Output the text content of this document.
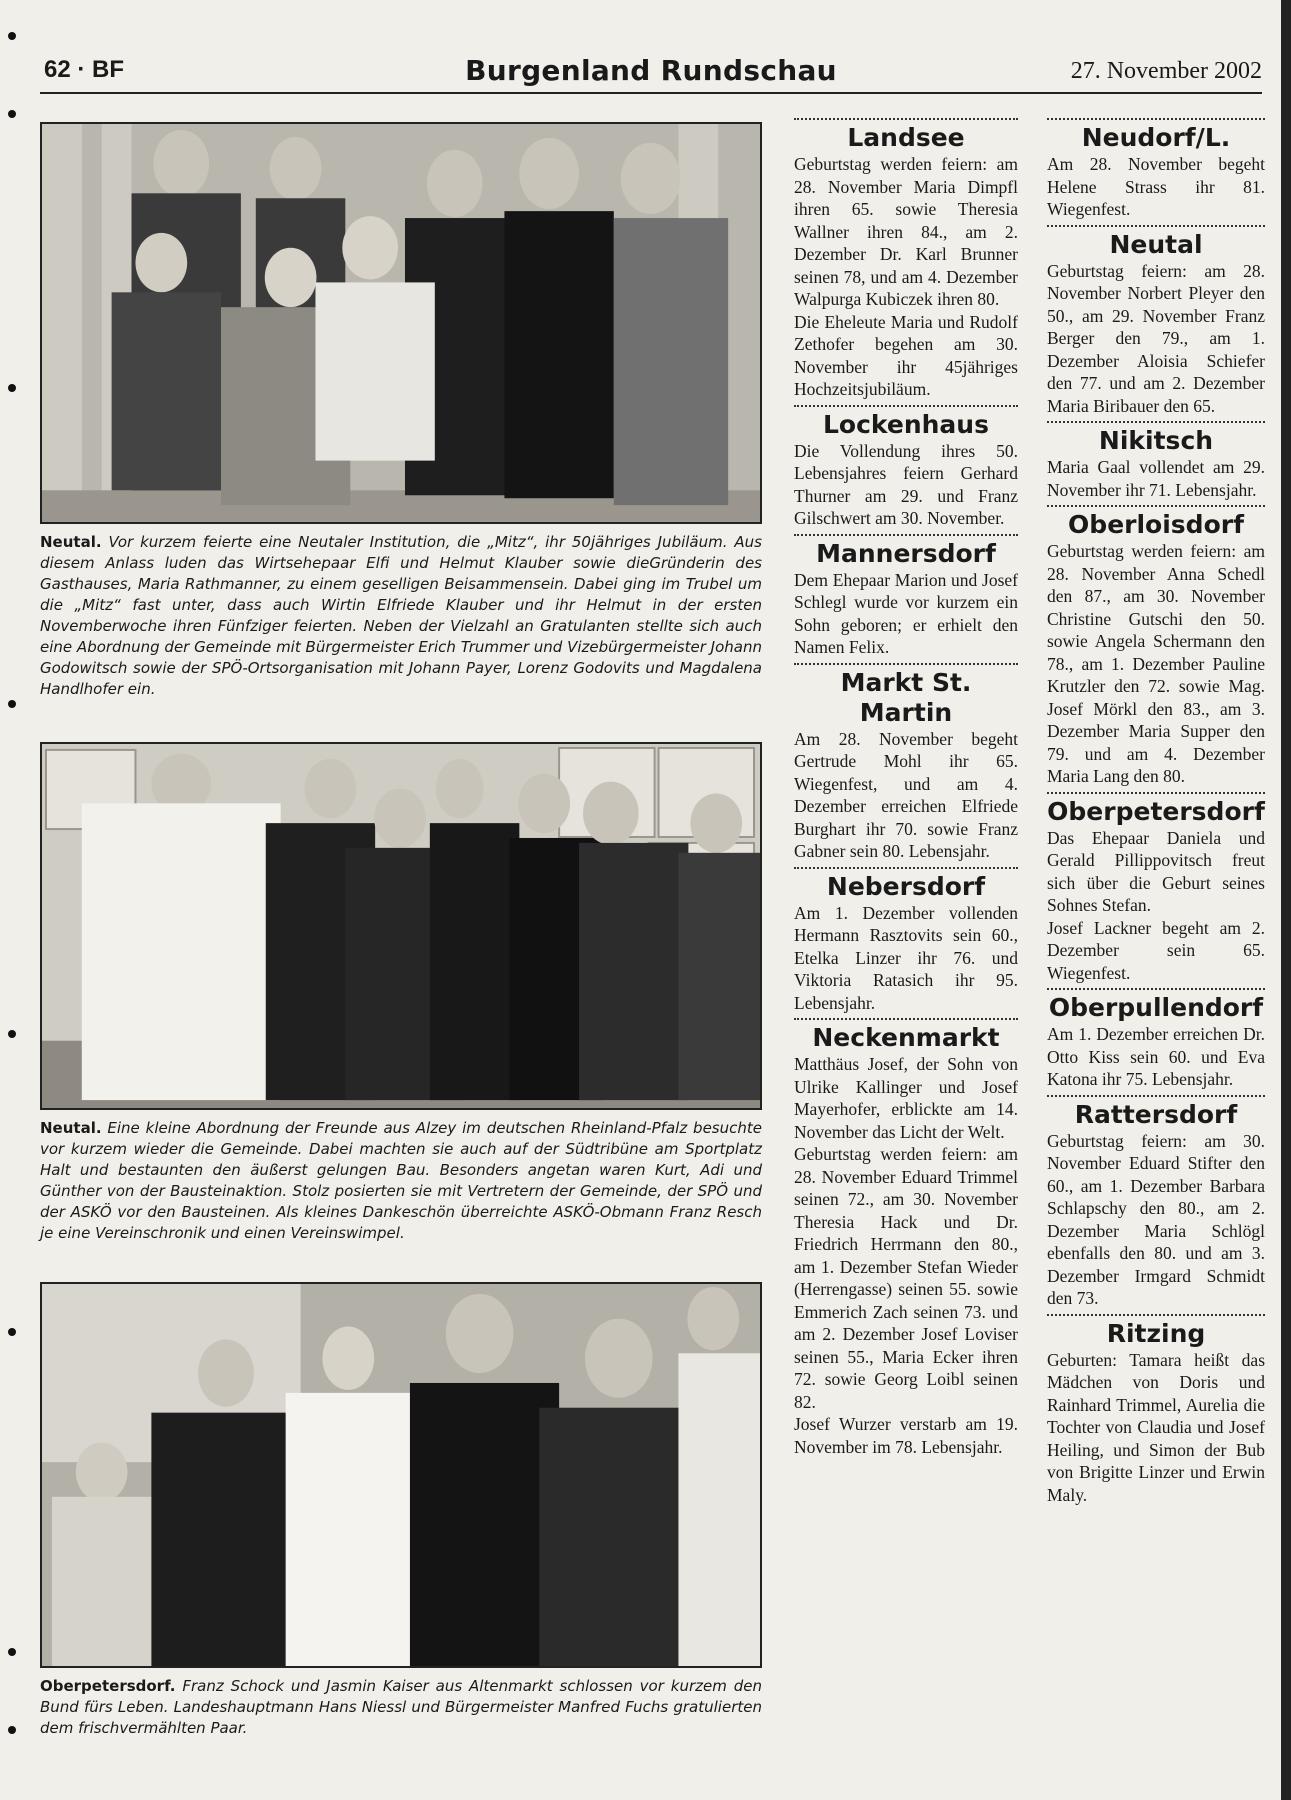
62 · BF	Burgenland Rundschau	27. November 2002
Neutal. Vor kurzem feierte eine Neutaler Institution, die „Mitz“, ihr 50jähriges Jubiläum. Aus diesem Anlass luden das Wirtsehepaar Elfi und Helmut Klauber sowie dieGründerin des Gasthauses, Maria Rathmanner, zu einem geselligen Beisammensein. Dabei ging im Trubel um die „Mitz“ fast unter, dass auch Wirtin Elfriede Klauber und ihr Helmut in der ersten Novemberwoche ihren Fünfziger feierten. Neben der Vielzahl an Gratulanten stellte sich auch eine Abordnung der Gemeinde mit Bürgermeister Erich Trummer und Vizebürgermeister Johann Godowitsch sowie der SPÖ-Ortsorganisation mit Johann Payer, Lorenz Godovits und Magdalena Handlhofer ein.
Neutal. Eine kleine Abordnung der Freunde aus Alzey im deutschen Rheinland-Pfalz besuchte vor kurzem wieder die Gemeinde. Dabei machten sie auch auf der Südtribüne am Sportplatz Halt und bestaunten den äußerst gelungen Bau. Besonders angetan waren Kurt, Adi und Günther von der Bausteinaktion. Stolz posierten sie mit Vertretern der Gemeinde, der SPÖ und der ASKÖ vor den Bausteinen. Als kleines Dankeschön überreichte ASKÖ-Obmann Franz Resch je eine Vereinschronik und einen Vereinswimpel.
Oberpetersdorf. Franz Schock und Jasmin Kaiser aus Altenmarkt schlossen vor kurzem den Bund fürs Leben. Landeshauptmann Hans Niessl und Bürgermeister Manfred Fuchs gratulierten dem frischvermählten Paar.
Landsee

Geburtstag werden feiern: am 28. November Maria Dimpfl ihren 65. sowie Theresia Wallner ihren 84., am 2. Dezember Dr. Karl Brunner seinen 78, und am 4. Dezember Walpurga Kubiczek ihren 80.

Die Eheleute Maria und Rudolf Zethofer begehen am 30. November ihr 45jähriges Hochzeitsjubiläum.

Lockenhaus

Die Vollendung ihres 50. Lebensjahres feiern Gerhard Thurner am 29. und Franz Gilschwert am 30. November.

Mannersdorf

Dem Ehepaar Marion und Josef Schlegl wurde vor kurzem ein Sohn geboren; er erhielt den Namen Felix.

Markt St. Martin

Am 28. November begeht Gertrude Mohl ihr 65. Wiegenfest, und am 4. Dezember erreichen Elfriede Burghart ihr 70. sowie Franz Gabner sein 80. Lebensjahr.

Nebersdorf

Am 1. Dezember vollenden Hermann Rasztovits sein 60., Etelka Linzer ihr 76. und Viktoria Ratasich ihr 95. Lebensjahr.

Neckenmarkt

Matthäus Josef, der Sohn von Ulrike Kallinger und Josef Mayerhofer, erblickte am 14. November das Licht der Welt.

Geburtstag werden feiern: am 28. November Eduard Trimmel seinen 72., am 30. November Theresia Hack und Dr. Friedrich Herrmann den 80., am 1. Dezember Stefan Wieder (Herrengasse) seinen 55. sowie Emmerich Zach seinen 73. und am 2. Dezember Josef Loviser seinen 55., Maria Ecker ihren 72. sowie Georg Loibl seinen 82.

Josef Wurzer verstarb am 19. November im 78. Lebensjahr.

Neudorf/L.

Am 28. November begeht Helene Strass ihr 81. Wiegenfest.

Neutal

Geburtstag feiern: am 28. November Norbert Pleyer den 50., am 29. November Franz Berger den 79., am 1. Dezember Aloisia Schiefer den 77. und am 2. Dezember Maria Biribauer den 65.

Nikitsch

Maria Gaal vollendet am 29. November ihr 71. Lebensjahr.

Oberloisdorf

Geburtstag werden feiern: am 28. November Anna Schedl den 87., am 30. November Christine Gutschi den 50. sowie Angela Schermann den 78., am 1. Dezember Pauline Krutzler den 72. sowie Mag. Josef Mörkl den 83., am 3. Dezember Maria Supper den 79. und am 4. Dezember Maria Lang den 80.

Oberpetersdorf

Das Ehepaar Daniela und Gerald Pillippovitsch freut sich über die Geburt seines Sohnes Stefan.

Josef Lackner begeht am 2. Dezember sein 65. Wiegenfest.

Oberpullendorf

Am 1. Dezember erreichen Dr. Otto Kiss sein 60. und Eva Katona ihr 75. Lebensjahr.

Rattersdorf

Geburtstag feiern: am 30. November Eduard Stifter den 60., am 1. Dezember Barbara Schlapschy den 80., am 2. Dezember Maria Schlögl ebenfalls den 80. und am 3. Dezember Irmgard Schmidt den 73.

Ritzing

Geburten: Tamara heißt das Mädchen von Doris und Rainhard Trimmel, Aurelia die Tochter von Claudia und Josef Heiling, und Simon der Bub von Brigitte Linzer und Erwin Maly.
